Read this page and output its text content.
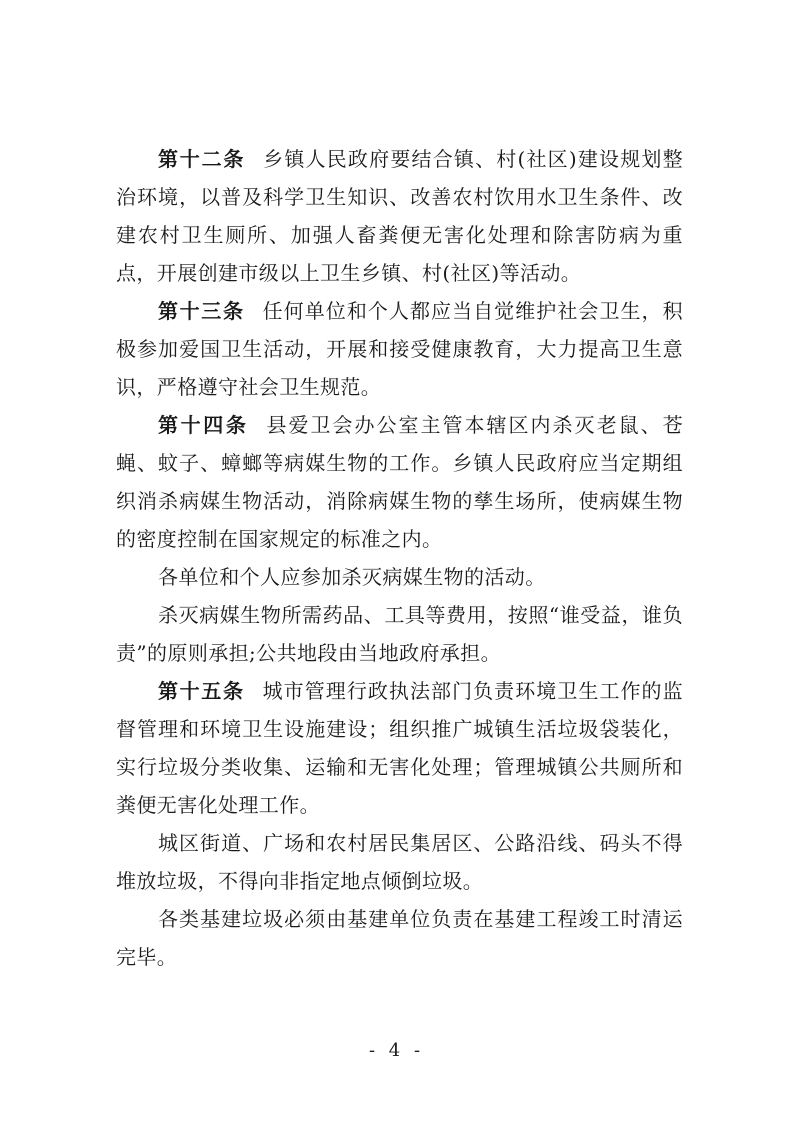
第十二条 乡镇人民政府要结合镇、村(社区)建设规划整治环境，以普及科学卫生知识、改善农村饮用水卫生条件、改建农村卫生厕所、加强人畜粪便无害化处理和除害防病为重点，开展创建市级以上卫生乡镇、村(社区)等活动。

第十三条 任何单位和个人都应当自觉维护社会卫生，积极参加爱国卫生活动，开展和接受健康教育，大力提高卫生意识，严格遵守社会卫生规范。

第十四条 县爱卫会办公室主管本辖区内杀灭老鼠、苍蝇、蚊子、蟑螂等病媒生物的工作。乡镇人民政府应当定期组织消杀病媒生物活动，消除病媒生物的孳生场所，使病媒生物的密度控制在国家规定的标准之内。

各单位和个人应参加杀灭病媒生物的活动。

杀灭病媒生物所需药品、工具等费用，按照“谁受益，谁负责”的原则承担;公共地段由当地政府承担。

第十五条 城市管理行政执法部门负责环境卫生工作的监督管理和环境卫生设施建设；组织推广城镇生活垃圾袋装化，实行垃圾分类收集、运输和无害化处理；管理城镇公共厕所和粪便无害化处理工作。

城区街道、广场和农村居民集居区、公路沿线、码头不得堆放垃圾，不得向非指定地点倾倒垃圾。

各类基建垃圾必须由基建单位负责在基建工程竣工时清运完毕。

- 4 -
